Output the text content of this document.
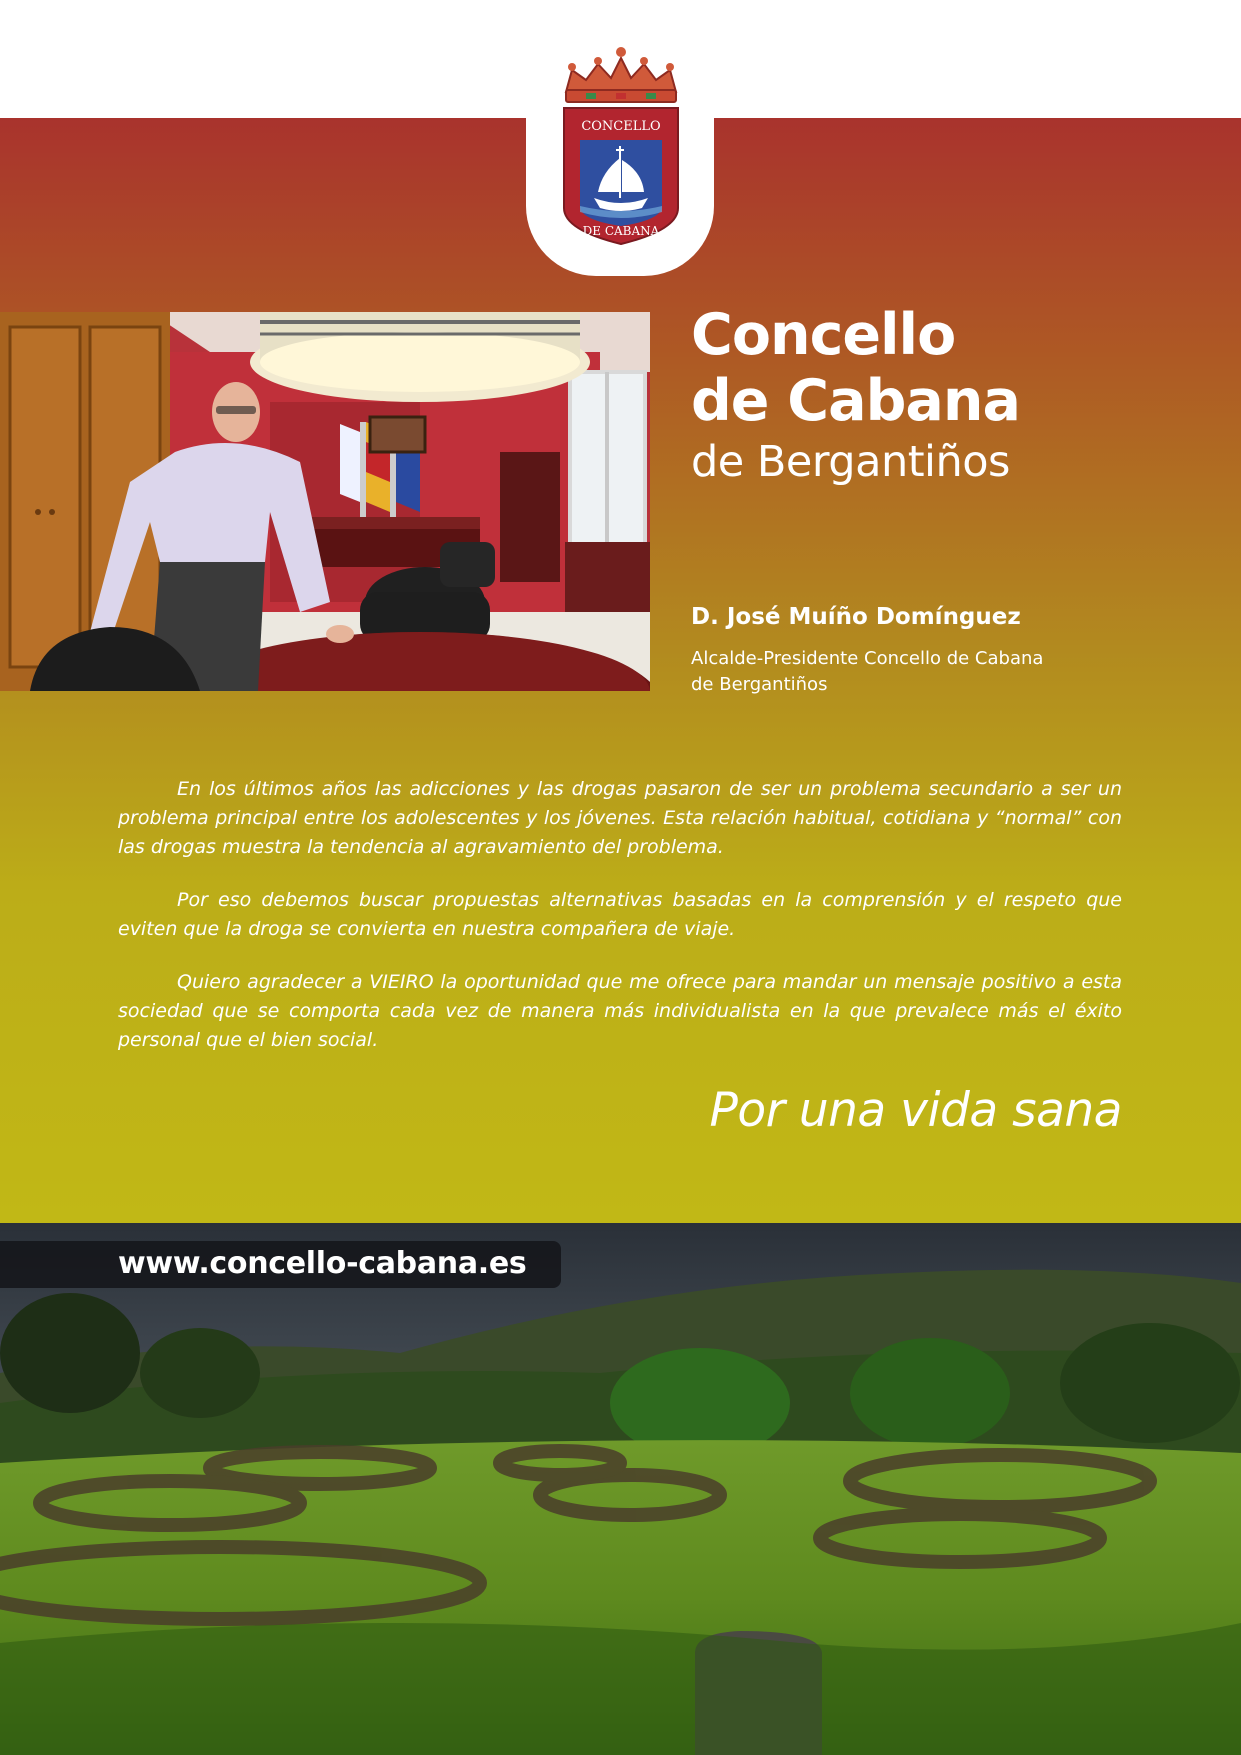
CONCELLO
DE CABANA
Concello
de Cabana
de Bergantiños
D. José Muíño Domínguez
Alcalde-Presidente Concello de Cabana de Bergantiños

En los últimos años las adicciones y las drogas pasaron de ser un problema secundario a ser un problema principal entre los adolescentes y los jóvenes. Esta relación habitual, cotidiana y “normal” con las drogas muestra la tendencia al agravamiento del problema.

Por eso debemos buscar propuestas alternativas basadas en la comprensión y el respeto que eviten que la droga se convierta en nuestra compañera de viaje.

Quiero agradecer a VIEIRO la oportunidad que me ofrece para mandar un mensaje positivo a esta sociedad que se comporta cada vez de manera más individualista en la que prevalece más el éxito personal que el bien social.

Por una vida sana
www.concello-cabana.es
